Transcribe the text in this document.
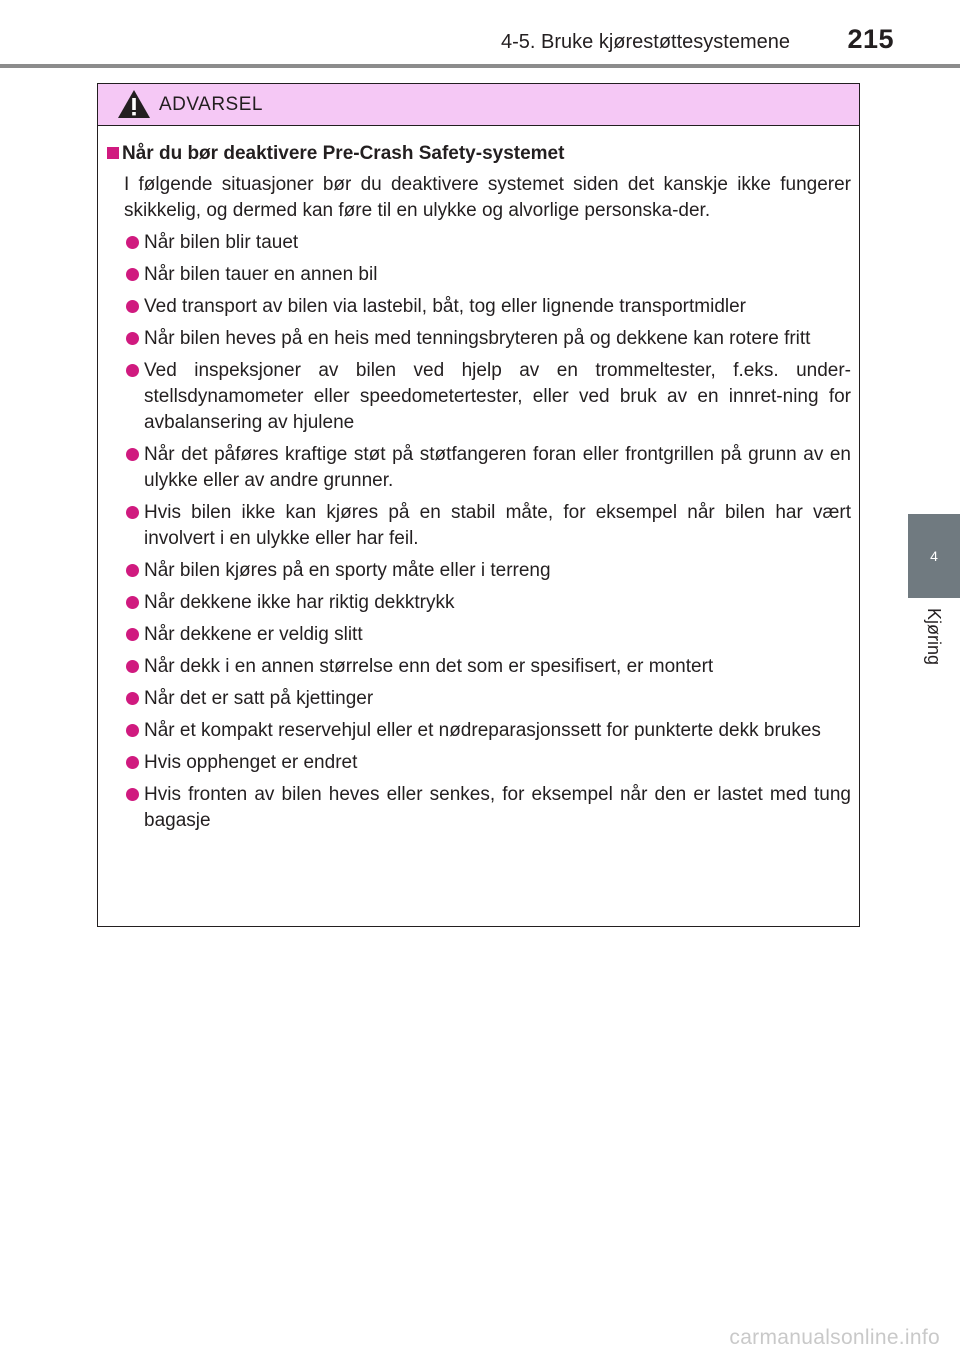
4-5. Bruke kjørestøttesystemene 215
4
Kjøring
ADVARSEL
Når du bør deaktivere Pre-Crash Safety-systemet

I følgende situasjoner bør du deaktivere systemet siden det kanskje ikke fungerer skikkelig, og dermed kan føre til en ulykke og alvorlige personska-der.

Når bilen blir tauet
Når bilen tauer en annen bil
Ved transport av bilen via lastebil, båt, tog eller lignende transportmidler
Når bilen heves på en heis med tenningsbryteren på og dekkene kan rotere fritt
Ved inspeksjoner av bilen ved hjelp av en trommeltester, f.eks. under-stellsdynamometer eller speedometertester, eller ved bruk av en innret-ning for avbalansering av hjulene
Når det påføres kraftige støt på støtfangeren foran eller frontgrillen på grunn av en ulykke eller av andre grunner.
Hvis bilen ikke kan kjøres på en stabil måte, for eksempel når bilen har vært involvert i en ulykke eller har feil.
Når bilen kjøres på en sporty måte eller i terreng
Når dekkene ikke har riktig dekktrykk
Når dekkene er veldig slitt
Når dekk i en annen størrelse enn det som er spesifisert, er montert
Når det er satt på kjettinger
Når et kompakt reservehjul eller et nødreparasjonssett for punkterte dekk brukes
Hvis opphenget er endret
Hvis fronten av bilen heves eller senkes, for eksempel når den er lastet med tung bagasje
carmanualsonline.info
